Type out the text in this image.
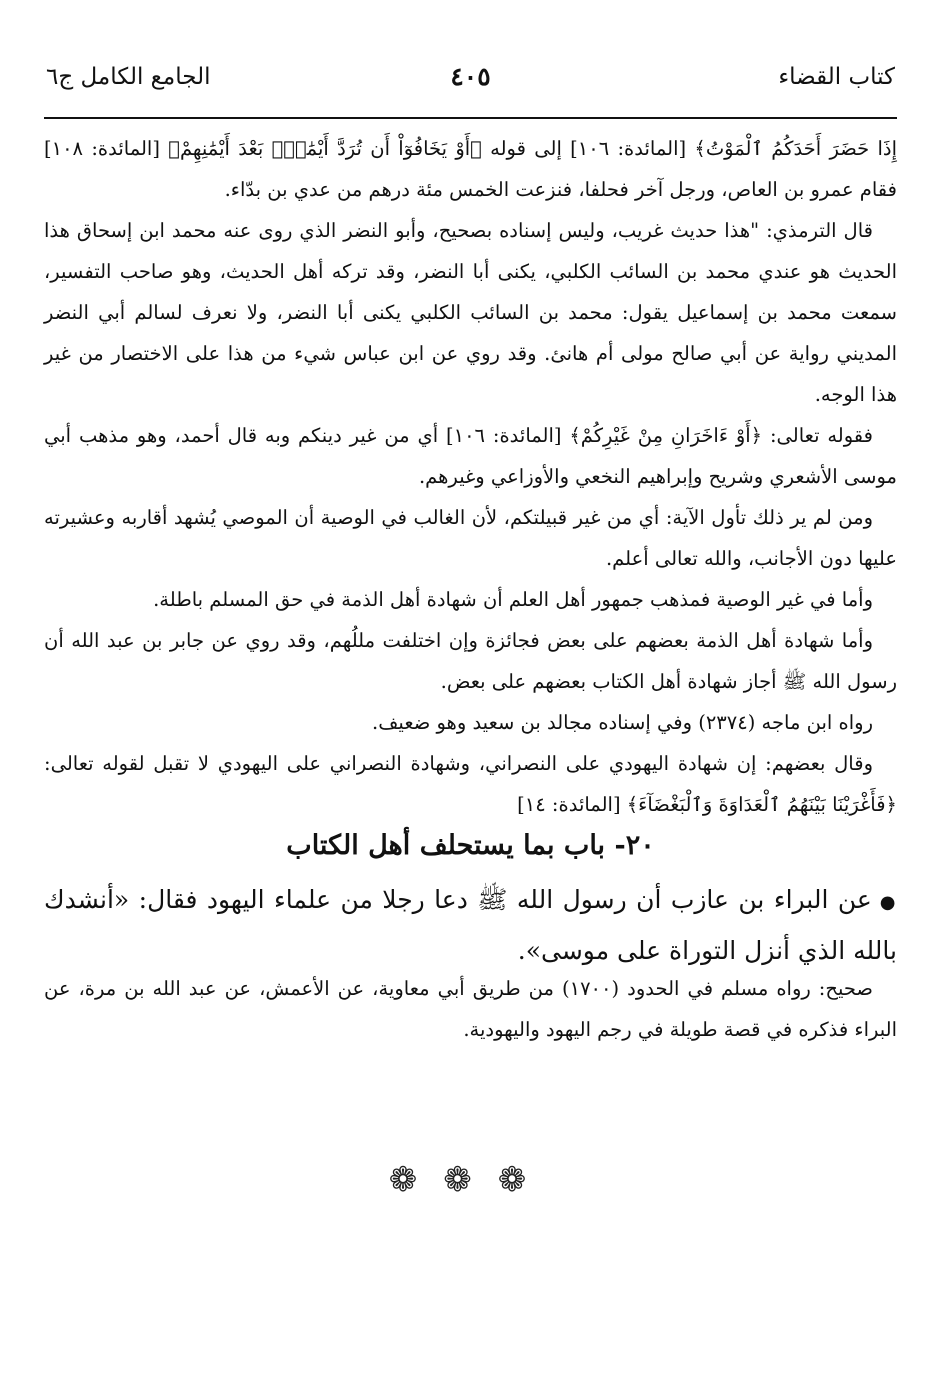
كتاب القضاء
٤٠٥
الجامع الكامل ج٦

إِذَا حَضَرَ أَحَدَكُمُ ٱلْمَوْتُ﴾ [المائدة: ١٠٦] إلى قوله ﴿أَوْ يَخَافُوٓاْ أَن تُرَدَّ أَيْمَٰنٌۢ بَعْدَ أَيْمَٰنِهِمْ﴾ [المائدة: ١٠٨] فقام عمرو بن العاص، ورجل آخر فحلفا، فنزعت الخمس مئة درهم من عدي بن بدّاء.

قال الترمذي: "هذا حديث غريب، وليس إسناده بصحيح، وأبو النضر الذي روى عنه محمد ابن إسحاق هذا الحديث هو عندي محمد بن السائب الكلبي، يكنى أبا النضر، وقد تركه أهل الحديث، وهو صاحب التفسير، سمعت محمد بن إسماعيل يقول: محمد بن السائب الكلبي يكنى أبا النضر، ولا نعرف لسالم أبي النضر المديني رواية عن أبي صالح مولى أم هانئ. وقد روي عن ابن عباس شيء من هذا على الاختصار من غير هذا الوجه.

فقوله تعالى: ﴿أَوْ ءَاخَرَانِ مِنْ غَيْرِكُمْ﴾ [المائدة: ١٠٦] أي من غير دينكم وبه قال أحمد، وهو مذهب أبي موسى الأشعري وشريح وإبراهيم النخعي والأوزاعي وغيرهم.

ومن لم ير ذلك تأول الآية: أي من غير قبيلتكم، لأن الغالب في الوصية أن الموصي يُشهد أقاربه وعشيرته عليها دون الأجانب، والله تعالى أعلم.

وأما في غير الوصية فمذهب جمهور أهل العلم أن شهادة أهل الذمة في حق المسلم باطلة.

وأما شهادة أهل الذمة بعضهم على بعض فجائزة وإن اختلفت مللُهم، وقد روي عن جابر بن عبد الله أن رسول الله ﷺ أجاز شهادة أهل الكتاب بعضهم على بعض.

رواه ابن ماجه (٢٣٧٤) وفي إسناده مجالد بن سعيد وهو ضعيف.

وقال بعضهم: إن شهادة اليهودي على النصراني، وشهادة النصراني على اليهودي لا تقبل لقوله تعالى: ﴿فَأَغْرَيْنَا بَيْنَهُمُ ٱلْعَدَاوَةَ وَٱلْبَغْضَآءَ﴾ [المائدة: ١٤]

٢٠- باب بما يستحلف أهل الكتاب

●عن البراء بن عازب أن رسول الله ﷺ دعا رجلا من علماء اليهود فقال: «أنشدك بالله الذي أنزل التوراة على موسى».

صحيح: رواه مسلم في الحدود (١٧٠٠) من طريق أبي معاوية، عن الأعمش، عن عبد الله بن مرة، عن البراء فذكره في قصة طويلة في رجم اليهود واليهودية.

❁❁❁
